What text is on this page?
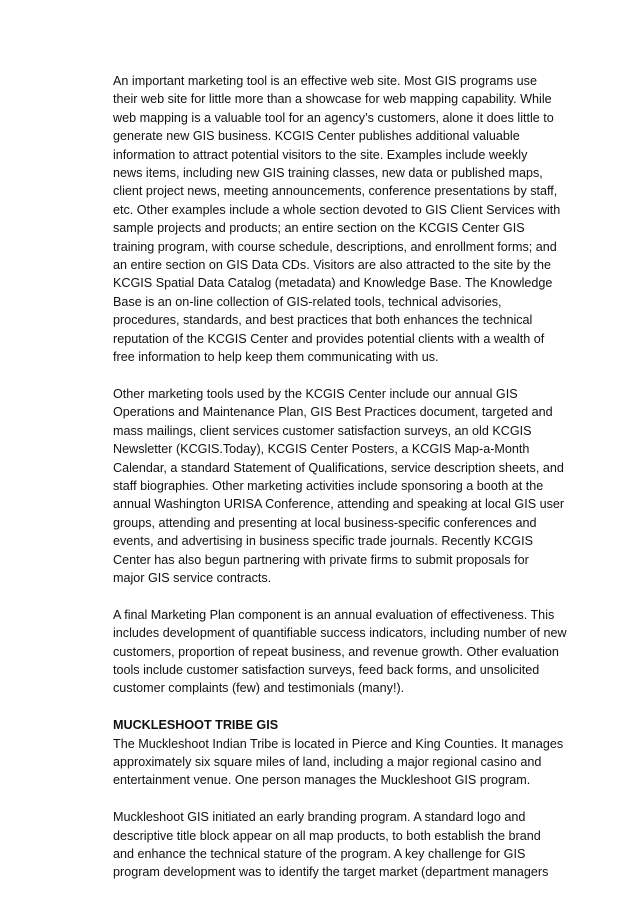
An important marketing tool is an effective web site. Most GIS programs use
their web site for little more than a showcase for web mapping capability. While
web mapping is a valuable tool for an agency’s customers, alone it does little to
generate new GIS business. KCGIS Center publishes additional valuable
information to attract potential visitors to the site. Examples include weekly
news items, including new GIS training classes, new data or published maps,
client project news, meeting announcements, conference presentations by staff,
etc. Other examples include a whole section devoted to GIS Client Services with
sample projects and products; an entire section on the KCGIS Center GIS
training program, with course schedule, descriptions, and enrollment forms; and
an entire section on GIS Data CDs. Visitors are also attracted to the site by the
KCGIS Spatial Data Catalog (metadata) and Knowledge Base. The Knowledge
Base is an on-line collection of GIS-related tools, technical advisories,
procedures, standards, and best practices that both enhances the technical
reputation of the KCGIS Center and provides potential clients with a wealth of
free information to help keep them communicating with us.

Other marketing tools used by the KCGIS Center include our annual GIS
Operations and Maintenance Plan, GIS Best Practices document, targeted and
mass mailings, client services customer satisfaction surveys, an old KCGIS
Newsletter (KCGIS.Today), KCGIS Center Posters, a KCGIS Map-a-Month
Calendar, a standard Statement of Qualifications, service description sheets, and
staff biographies. Other marketing activities include sponsoring a booth at the
annual Washington URISA Conference, attending and speaking at local GIS user
groups, attending and presenting at local business-specific conferences and
events, and advertising in business specific trade journals. Recently KCGIS
Center has also begun partnering with private firms to submit proposals for
major GIS service contracts.

A final Marketing Plan component is an annual evaluation of effectiveness. This
includes development of quantifiable success indicators, including number of new
customers, proportion of repeat business, and revenue growth. Other evaluation
tools include customer satisfaction surveys, feed back forms, and unsolicited
customer complaints (few) and testimonials (many!).

MUCKLESHOOT TRIBE GIS
The Muckleshoot Indian Tribe is located in Pierce and King Counties. It manages
approximately six square miles of land, including a major regional casino and
entertainment venue. One person manages the Muckleshoot GIS program.

Muckleshoot GIS initiated an early branding program. A standard logo and
descriptive title block appear on all map products, to both establish the brand
and enhance the technical stature of the program. A key challenge for GIS
program development was to identify the target market (department managers
